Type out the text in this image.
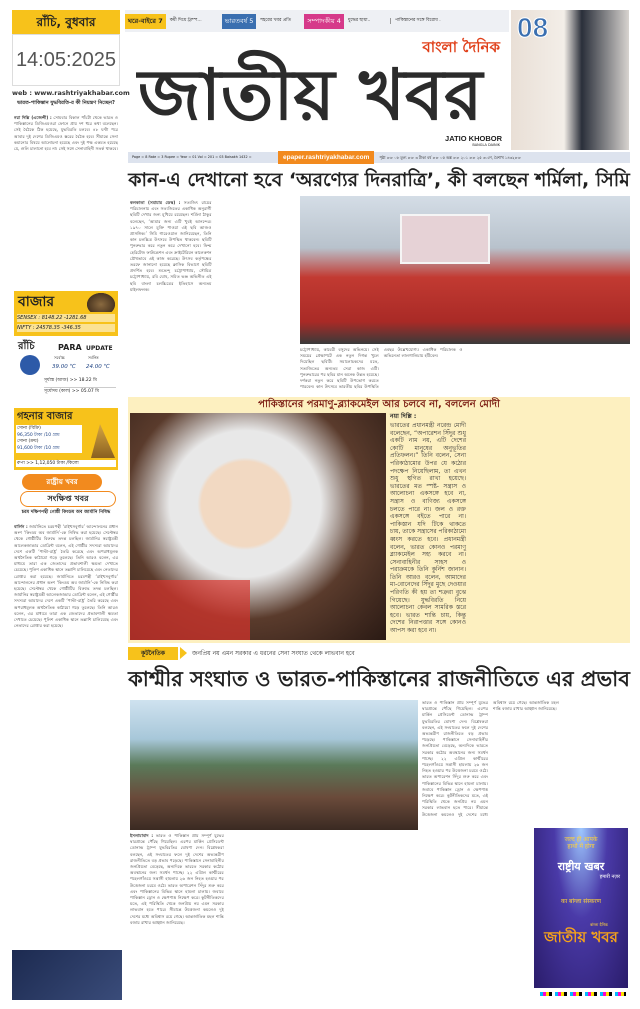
রাঁচি, বুধবার
14:05:2025
web : www.rashtriyakhabar.com
ভারত-পাকিস্তান যুদ্ধবিরতি-র কী নিয়ন্ত্রণ নিচ্ছেন?
নয়া দিল্লি (এজেন্সী) : সোমবার বিকাল পাঁচটা থেকে ভারত ও পাকিস্তানের ডিজিএমওরা ফোনে প্রায় দশ ধরে কথা বলেছেন। সেই বৈঠকে ঠিক হয়েছে, যুদ্ধবিরতি চলবে। ৪৮ ঘণ্টা পরে আবার দুই দেশের ডিজিএমও স্তরের বৈঠক হবে। সীমান্তে সেনা কমানোর বিষয়ে আলোচনা হয়েছে এবং দুই পক্ষ একমত হয়েছে যে, গুলি চালানো হবে না। সেই সঙ্গে সেনাবাহিনী সতর্ক থাকবে।
বাজার
SENSEX : 8148.22 -1281.68
NIFTY : 24578.35 -346.35
রাঁচি	PARA UPDATE
সর্বোচ্চ	সর্বনিম্ন
39.00 ℃ 24.00 ℃
সূর্যাস্ত (আজ) >> 18.22 মি
সূর্যোদয় (কাল) >> 05.07 মি
গহনার বাজার
সোনা (বিক্রি)
96,350 টাকা /10 গ্রাম
সোনা (ক্রয়)
91,600 টাকা /10 গ্রাম
রুপা >> 1,12,050 টাকা /কিলো
রাষ্ট্রীয় খবর
সংক্ষিপ্ত খবর
চরম দক্ষিণপন্থী গোষ্ঠী কিংডম অব জার্মানি নিষিদ্ধ
বার্লিন : জার্মানিতে চরমপন্থী ‘রাইখসবুর্গার’ আন্দোলনের প্রধান অংশ ‘কিংডম অব জার্মানি’-কে নিষিদ্ধ করা হয়েছে। সেপ্টেম্বর থেকে গোষ্ঠীটির বিরুদ্ধে তদন্ত চলছিল। জার্মানির স্বরাষ্ট্রমন্ত্রী আলেকজান্ডার ডোব্রিন্ট বলেন, এই গোষ্ঠীর সদস্যরা আমাদের দেশে একটি ‘পাল্টা-রাষ্ট্র’ তৈরি করেছে এবং অপরাধমূলক অর্থনৈতিক কাঠামো গড়ে তুলেছে। তিনি আরও বলেন, এর মাধ্যমে তারা এক জেতাদের প্রভাবশালী ক্ষমতা দেখাতে চেয়েছে। পুলিশ একাধিক স্থানে তল্লাশি চালিয়েছে এবং নেতাদের গ্রেপ্তার করা হয়েছে। জার্মানিতে চরমপন্থী ‘রাইখসবুর্গার’ আন্দোলনের প্রধান অংশ ‘কিংডম অব জার্মানি’-কে নিষিদ্ধ করা হয়েছে। সেপ্টেম্বর থেকে গোষ্ঠীটির বিরুদ্ধে তদন্ত চলছিল। জার্মানির স্বরাষ্ট্রমন্ত্রী আলেকজান্ডার ডোব্রিন্ট বলেন, এই গোষ্ঠীর সদস্যরা আমাদের দেশে একটি ‘পাল্টা-রাষ্ট্র’ তৈরি করেছে এবং অপরাধমূলক অর্থনৈতিক কাঠামো গড়ে তুলেছে। তিনি আরও বলেন, এর মাধ্যমে তারা এক জেতাদের প্রভাবশালী ক্ষমতা দেখাতে চেয়েছে। পুলিশ একাধিক স্থানে তল্লাশি চালিয়েছে এবং নেতাদের গ্রেপ্তার করা হয়েছে।
ঘরে-বাইরে 7	কর্মী দিয়ে ট্রাম্প...	ভারতবর্ষ 5	শহরের খবর প্রতি	সম্পাদকীয় 4	যুদ্ধের ছায়া..	পাকিস্তানের সঙ্গে বিরোধ .
জাতীয় খবর
বাংলা দৈনিক
JATIO KHOBOR
BANGLA DAINIK
08
Page = 8 Rate = 3 Rupee = Year = 01 Vol = 201 = 03 Baisakh 1432 =	epaper.rashtriyakhabar.com	পৃষ্ঠা >> ০৮ মূল্য >> ৩ টাকা বর্ষ >> ০৫ অঙ্ক >> ২০১ >> ২৫ ৩০শে, বৈশাখ ১৪৩২>>
কান-এ দেখানো হবে ‘অরণ্যের দিনরাত্রি’, কী বলছেন শর্মিলা, সিমি
কলকাতা (সমাচার ডেস্ক) : সত্যজিৎ রায়ের পরিচালনায় এবং সত্যজিতের একাধিক অনুরাগী ছবিটি দেখার জন্য মুখিয়ে রয়েছেন। শর্মিলা ঠাকুর বলেছেন, ‘আমার জন্য এটি খুবই আনন্দের। ১৯৭০ সালে মুক্তি পাওয়া এই ছবি আজও প্রাসঙ্গিক।’ সিমি গারেওয়াল জানিয়েছেন, তিনি কান চলচ্চিত্র উৎসবে উপস্থিত থাকবেন। ছবিটি পুনরুদ্ধার করে নতুন করে দেখানো হবে। ফিল্ম হেরিটেজ ফাউন্ডেশন এবং ক্রাইটেরিয়ন কালেকশন যৌথভাবে এই কাজ করেছে। উৎসব কর্তৃপক্ষের তরফে জানানো হয়েছে ক্লাসিক বিভাগে ছবিটি প্রদর্শিত হবে। শুভেন্দু চট্টোপাধ্যায়, সৌমিত্র চট্টোপাধ্যায়, রবি ঘোষ, সমিত ভঞ্জ অভিনীত এই ছবি বাংলা চলচ্চিত্রের ইতিহাসে অন্যতম মাইলফলক।
চট্টোপাধ্যায়, কাবেরী বসুদের অভিনয়ে। সেই সময়ের প্রেক্ষাপটে এক নতুন দিগন্ত খুলে দিয়েছিল ছবিটি। সমালোচকদের মতে, সত্যজিতের অন্যতম সেরা কাজ এটি। পুনরুদ্ধারের পর ছবির মান অনেক উন্নত হয়েছে। দর্শকরা নতুন করে ছবিটি উপভোগ করতে পারবেন। কান উৎসবে ভারতীয় ছবির উপস্থিতি এবছর উল্লেখযোগ্য। একাধিক পরিচালক ও অভিনেতা লালগালিচায় হাঁটবেন।
পাকিস্তানের পরমাণু-ব্ল্যাকমেইল আর চলবে না, বললেন মোদী
নয়া দিল্লি :
ভারতের প্রধানমন্ত্রী নরেন্দ্র মোদী বলেছেন, “অপারেশন সিঁদুর শুধু একটি নাম নয়, এটি দেশের কোটি মানুষের অনুভূতির প্রতিফলন।” তিনি বলেন, সেনা পরিকাঠামোর উপর যে কঠোর পদক্ষেপ নিয়েছিলাম, তা এখন শুধু স্থগিত রাখা হয়েছে। ভারতের মত স্পষ্ট- সন্ত্রাস ও আলোচনা একসঙ্গে হবে না, সন্ত্রাস ও বাণিজ্য একসঙ্গে চলতে পারে না। জল ও রক্ত একসঙ্গে বইতে পারে না। পাকিস্তান যদি টিকে থাকতে চায়, তাকে সন্ত্রাসের পরিকাঠামো ধ্বংস করতে হবে। প্রধানমন্ত্রী বলেন, ভারত কোনও পরমাণু ব্ল্যাকমেইল সহ্য করবে না। সেনাবাহিনীর সাহস ও পরাক্রমকে তিনি কুর্নিশ জানান। তিনি আরও বলেন, আমাদের মা-বোনেদের সিঁদুর মুছে দেওয়ার পরিণতি কী হয় তা শত্রুরা বুঝে গিয়েছে। যুদ্ধবিরতি নিয়ে আলোচনা কেবল সামরিক স্তরে হবে। ভারত শান্তি চায়, কিন্তু দেশের নিরাপত্তার সঙ্গে কোনও আপস করা হবে না।
কূটনৈতিক	জনপ্রিয় নয় এমন সরকার এ ধরনের সেনা সংঘাত থেকে লাভবান হবে
কাশ্মীর সংঘাত ও ভারত-পাকিস্তানের রাজনীতিতে এর প্রভাব
ভারত ও পাকিস্তান প্রায় সম্পূর্ণ যুদ্ধের দ্বারপ্রান্তে পৌঁছে গিয়েছিল। এরপর মার্কিন প্রেসিডেন্ট ডোনাল্ড ট্রাম্প যুদ্ধবিরতির ঘোষণা দেন। বিশ্লেষকরা বলছেন, এই সংঘাতের ফলে দুই দেশের অভ্যন্তরীণ রাজনীতিতে বড় প্রভাব পড়েছে। পাকিস্তানে সেনাবাহিনীর জনপ্রিয়তা বেড়েছে, অন্যদিকে ভারতে সরকার কঠোর অবস্থানের জন্য সমর্থন পাচ্ছে। ২২ এপ্রিল কাশ্মীরের পহেলগাঁওয়ে সন্ত্রাসী হামলায় ২৬ জন নিহত হওয়ার পর উত্তেজনা চরমে ওঠে। ভারত অপারেশন সিঁদুর শুরু করে এবং পাকিস্তানের বিভিন্ন স্থানে হামলা চালায়। জবাবে পাকিস্তান ড্রোন ও ক্ষেপণাস্ত্র নিক্ষেপ করে। কূটনীতিকদের মতে, এই পরিস্থিতি থেকে জনপ্রিয় নয় এমন সরকার লাভবান হতে পারে। সীমান্তে উত্তেজনা কমলেও দুই দেশের মধ্যে অবিশ্বাস রয়ে গেছে। আন্তর্জাতিক মহল শান্তি বজায় রাখার আহ্বান জানিয়েছে।
ইসলামাবাদ : ভারত ও পাকিস্তান প্রায় সম্পূর্ণ যুদ্ধের দ্বারপ্রান্তে পৌঁছে গিয়েছিল। এরপর মার্কিন প্রেসিডেন্ট ডোনাল্ড ট্রাম্প যুদ্ধবিরতির ঘোষণা দেন। বিশ্লেষকরা বলছেন, এই সংঘাতের ফলে দুই দেশের অভ্যন্তরীণ রাজনীতিতে বড় প্রভাব পড়েছে। পাকিস্তানে সেনাবাহিনীর জনপ্রিয়তা বেড়েছে, অন্যদিকে ভারতে সরকার কঠোর অবস্থানের জন্য সমর্থন পাচ্ছে। ২২ এপ্রিল কাশ্মীরের পহেলগাঁওয়ে সন্ত্রাসী হামলায় ২৬ জন নিহত হওয়ার পর উত্তেজনা চরমে ওঠে। ভারত অপারেশন সিঁদুর শুরু করে এবং পাকিস্তানের বিভিন্ন স্থানে হামলা চালায়। জবাবে পাকিস্তান ড্রোন ও ক্ষেপণাস্ত্র নিক্ষেপ করে। কূটনীতিকদের মতে, এই পরিস্থিতি থেকে জনপ্রিয় নয় এমন সরকার লাভবান হতে পারে। সীমান্তে উত্তেজনা কমলেও দুই দেশের মধ্যে অবিশ্বাস রয়ে গেছে। আন্তর্জাতিক মহল শান্তি বজায় রাখার আহ্বান জানিয়েছে।
जल्द ही आपके
हाथों में होगा
राष्ट्रीय खबर
हमारी नज़र
का बांग्ला संस्करण
बांग्ला दैनिक
জাতীয় খবর
